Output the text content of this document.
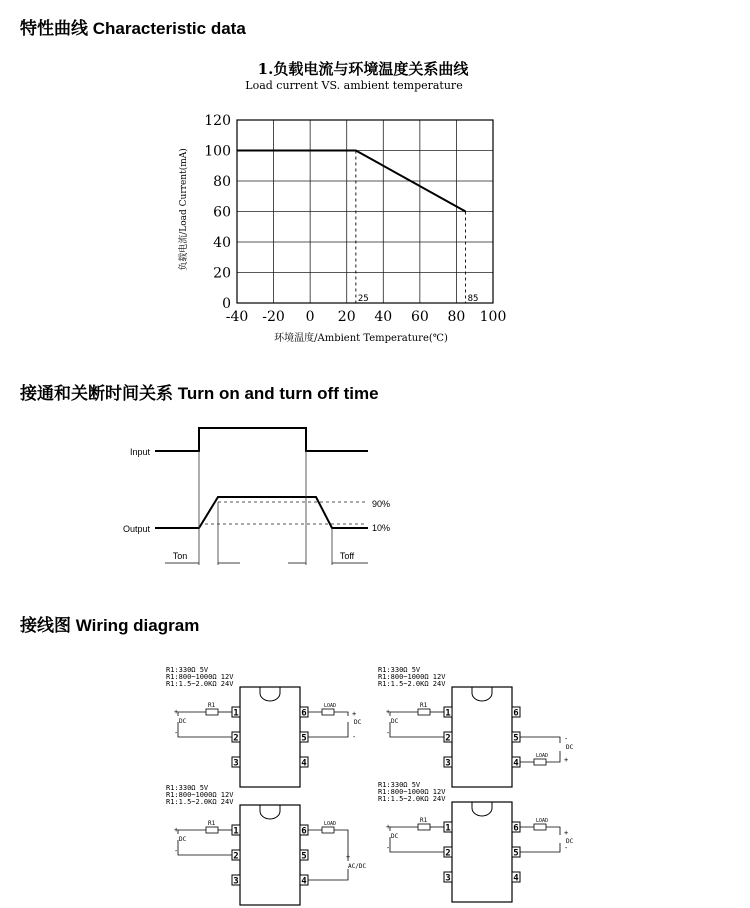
特性曲线 Characteristic data
接通和关断时间关系 Turn on and turn off time
接线图 Wiring diagram
1.负载电流与环境温度关系曲线
Load current VS. ambient temperature
-40 -20 0 20 40 60 80 100
0
20
40
60
80
100
120
25	85
环境温度/Ambient Temperature(℃)
负载电流/Load Current(mA)
Input
Output
90%
10%
Ton	Toff
R1:330Ω 5V
R1:800~1000Ω 12V
R1:1.5~2.0KΩ 24V
1
2
3
6
5
4
R1
+
-
DC
LOAD
+
DC
-
R1:330Ω 5V
R1:800~1000Ω 12V
R1:1.5~2.0KΩ 24V
1
2
3
6
5
4
R1
+
-
DC
LOAD
-
DC
+
R1:330Ω 5V
R1:800~1000Ω 12V
R1:1.5~2.0KΩ 24V
1
2
3
6
5
4
R1
+
-
DC
LOAD
+
AC/DC
R1:330Ω 5V
R1:800~1000Ω 12V
R1:1.5~2.0KΩ 24V
1
2
3
6
5
4
R1
+
-
DC
LOAD
+
DC
-
